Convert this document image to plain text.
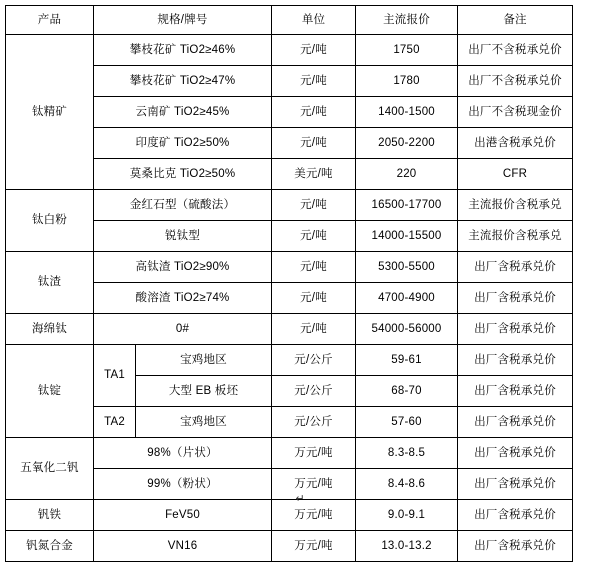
产品	规格/牌号		单位	主流报价	备注
钛精矿	攀枝花矿 TiO2≥46%		元/吨	1750	出厂不含税承兑价
	攀枝花矿 TiO2≥47%		元/吨	1780	出厂不含税承兑价
	云南矿 TiO2≥45%		元/吨	1400-1500	出厂不含税现金价
	印度矿 TiO2≥50%		元/吨	2050-2200	出港含税承兑价
	莫桑比克 TiO2≥50%		美元/吨	220	CFR
钛白粉	金红石型（硫酸法）		元/吨	16500-17700	主流报价含税承兑
	锐钛型		元/吨	14000-15500	主流报价含税承兑
钛渣	高钛渣 TiO2≥90%		元/吨	5300-5500	出厂含税承兑价
	酸溶渣 TiO2≥74%		元/吨	4700-4900	出厂含税承兑价
海绵钛	0#		元/吨	54000-56000	出厂含税承兑价
钛锭	TA1	宝鸡地区	元/公斤	59-61	出厂含税承兑价
		大型 EB 板坯	元/公斤	68-70	出厂含税承兑价
	TA2	宝鸡地区	元/公斤	57-60	出厂含税承兑价
五氧化二钒	98%（片状）		万元/吨	8.3-8.5	出厂含税承兑价
	99%（粉状）		万元/吨	8.4-8.6	出厂含税承兑价
钒铁	FeV50		万元/吨	9.0-9.1	出厂含税承兑价
钒氮合金	VN16		万元/吨	13.0-13.2	出厂含税承兑价
↵
